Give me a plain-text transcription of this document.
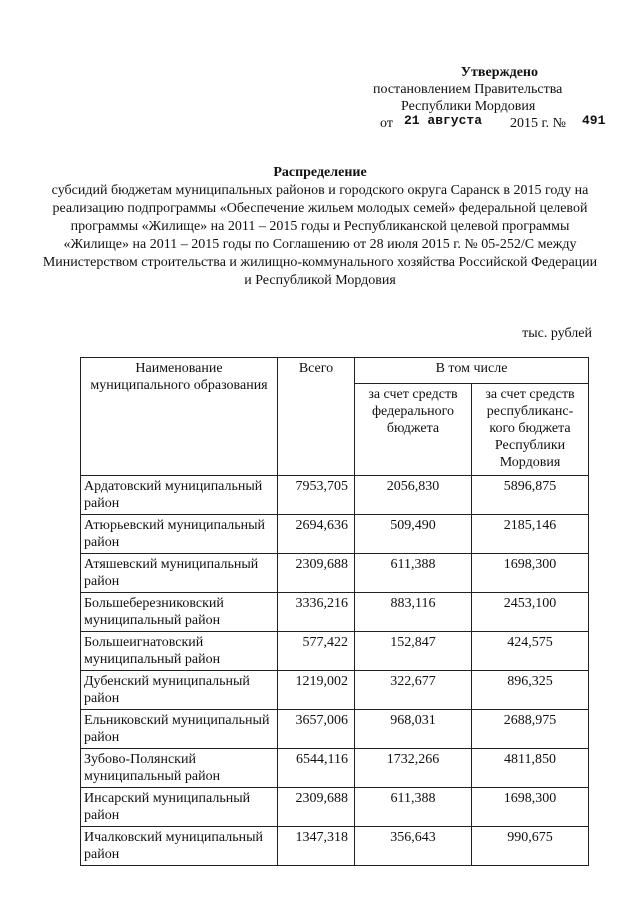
Утверждено
постановлением Правительства
Республики Мордовия
от 21 августа 2015 г. № 491
Распределение
субсидий бюджетам муниципальных районов и городского округа Саранск в 2015 году на реализацию подпрограммы «Обеспечение жильем молодых семей» федеральной целевой программы «Жилище» на 2011 – 2015 годы и Республиканской целевой программы «Жилище» на 2011 – 2015 годы по Соглашению от 28 июля 2015 г. № 05-252/С между Министерством строительства и жилищно-коммунального хозяйства Российской Федерации и Республикой Мордовия
тыс. рублей
Наименование муниципального образования	Всего	В том числе	
		за счет средств федерального бюджета	за счет средств республиканс-кого бюджета Республики Мордовия
Ардатовский муниципальный район	7953,705	2056,830	5896,875
Атюрьевский муниципальный район	2694,636	509,490	2185,146
Атяшевский муниципальный район	2309,688	611,388	1698,300
Большеберезниковский муниципальный район	3336,216	883,116	2453,100
Большеигнатовский муниципальный район	577,422	152,847	424,575
Дубенский муниципальный район	1219,002	322,677	896,325
Ельниковский муниципальный район	3657,006	968,031	2688,975
Зубово-Полянский муниципальный район	6544,116	1732,266	4811,850
Инсарский муниципальный район	2309,688	611,388	1698,300
Ичалковский муниципальный район	1347,318	356,643	990,675
